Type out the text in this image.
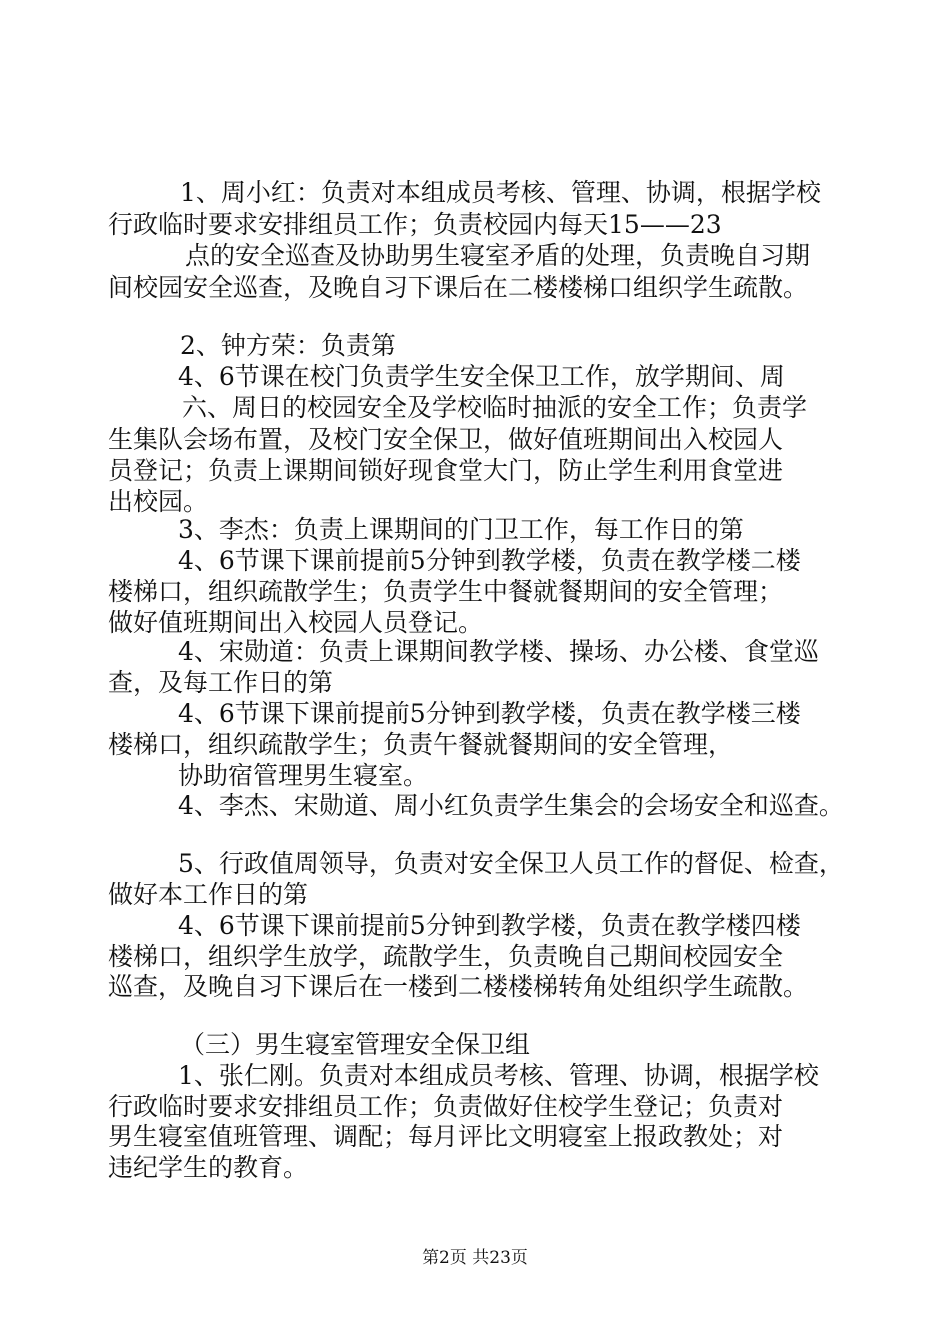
1、周小红：负责对本组成员考核、管理、协调，根据学校
行政临时要求安排组员工作；负责校园内每天15——23
点的安全巡查及协助男生寝室矛盾的处理，负责晚自习期
间校园安全巡查，及晚自习下课后在二楼楼梯口组织学生疏散。
2、钟方荣：负责第
4、6节课在校门负责学生安全保卫工作，放学期间、周
六、周日的校园安全及学校临时抽派的安全工作；负责学
生集队会场布置，及校门安全保卫，做好值班期间出入校园人
员登记；负责上课期间锁好现食堂大门，防止学生利用食堂进
出校园。
3、李杰：负责上课期间的门卫工作，每工作日的第
4、6节课下课前提前5分钟到教学楼，负责在教学楼二楼
楼梯口，组织疏散学生；负责学生中餐就餐期间的安全管理；
做好值班期间出入校园人员登记。
4、宋勋道：负责上课期间教学楼、操场、办公楼、食堂巡
查，及每工作日的第
4、6节课下课前提前5分钟到教学楼，负责在教学楼三楼
楼梯口，组织疏散学生；负责午餐就餐期间的安全管理，
协助宿管理男生寝室。
4、李杰、宋勋道、周小红负责学生集会的会场安全和巡查。
5、行政值周领导，负责对安全保卫人员工作的督促、检查，
做好本工作日的第
4、6节课下课前提前5分钟到教学楼，负责在教学楼四楼
楼梯口，组织学生放学，疏散学生，负责晚自己期间校园安全
巡查，及晚自习下课后在一楼到二楼楼梯转角处组织学生疏散。
（三）男生寝室管理安全保卫组
1、张仁刚。负责对本组成员考核、管理、协调，根据学校
行政临时要求安排组员工作；负责做好住校学生登记；负责对
男生寝室值班管理、调配；每月评比文明寝室上报政教处；对
违纪学生的教育。
第2页 共23页
